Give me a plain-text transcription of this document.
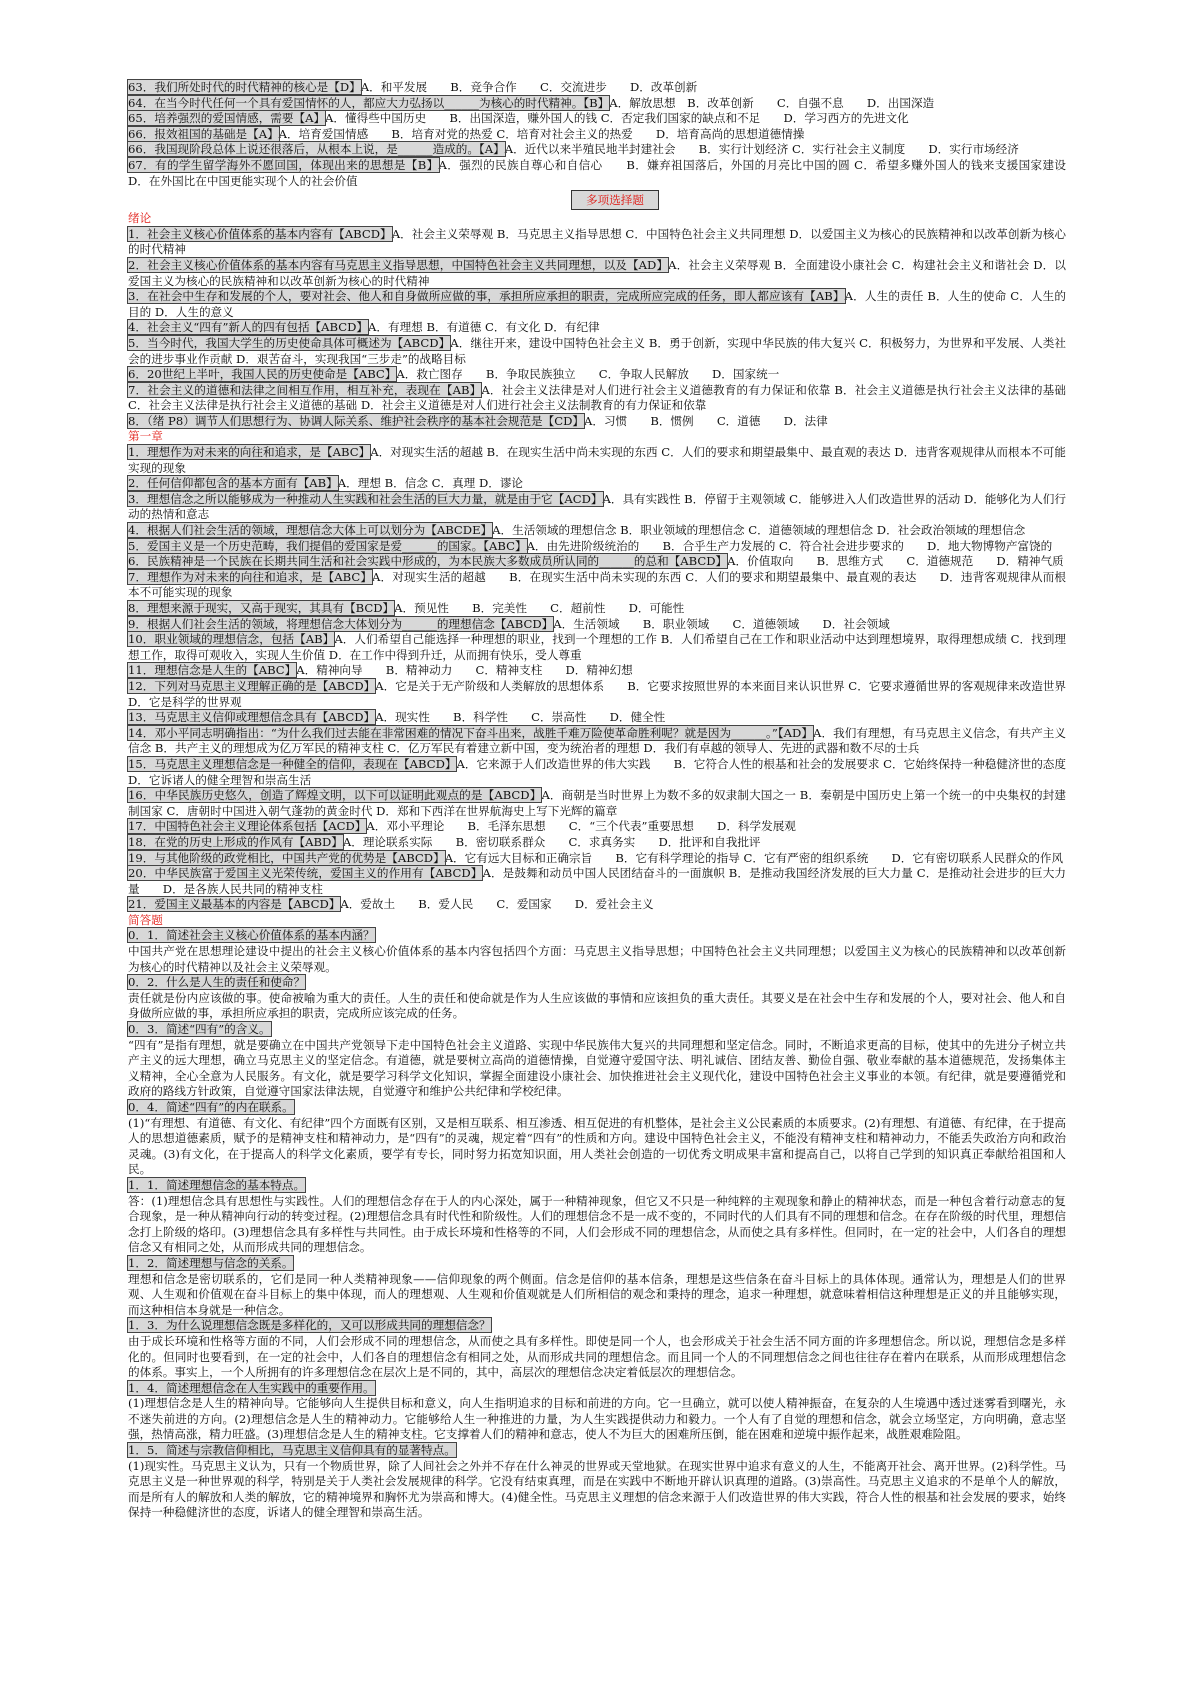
63．我们所处时代的时代精神的核心是【D】A．和平发展　　B．竞争合作　　C．交流进步　　D．改革创新

64．在当今时代任何一个具有爱国情怀的人，都应大力弘扬以______为核心的时代精神。【B】A．解放思想　B．改革创新　　C．自强不息　　D．出国深造

65．培养强烈的爱国情感，需要【A】A．懂得些中国历史　　B．出国深造，赚外国人的钱 C．否定我们国家的缺点和不足　　D．学习西方的先进文化

66．报效祖国的基础是【A】A．培育爱国情感　　B．培育对党的热爱 C．培育对社会主义的热爱　　D．培育高尚的思想道德情操

66．我国现阶段总体上说还很落后，从根本上说，是______造成的。【A】A．近代以来半殖民地半封建社会　　B．实行计划经济 C．实行社会主义制度　　D．实行市场经济

67．有的学生留学海外不愿回国，体现出来的思想是【B】A．强烈的民族自尊心和自信心　　B．嫌弃祖国落后，外国的月亮比中国的圆 C．希望多赚外国人的钱来支援国家建设　　D．在外国比在中国更能实现个人的社会价值

多项选择题

绪论

1．社会主义核心价值体系的基本内容有【ABCD】A．社会主义荣辱观 B．马克思主义指导思想 C．中国特色社会主义共同理想 D．以爱国主义为核心的民族精神和以改革创新为核心的时代精神

2．社会主义核心价值体系的基本内容有马克思主义指导思想，中国特色社会主义共同理想，以及【AD】A．社会主义荣辱观 B．全面建设小康社会 C．构建社会主义和谐社会 D．以爱国主义为核心的民族精神和以改革创新为核心的时代精神

3．在社会中生存和发展的个人，要对社会、他人和自身做所应做的事，承担所应承担的职责，完成所应完成的任务，即人都应该有【AB】A．人生的责任 B．人生的使命 C．人生的目的 D．人生的意义

4．社会主义“四有”新人的四有包括【ABCD】A．有理想 B．有道德 C．有文化 D．有纪律

5．当今时代，我国大学生的历史使命具体可概述为【ABCD】A．继往开来，建设中国特色社会主义 B．勇于创新，实现中华民族的伟大复兴 C．积极努力，为世界和平发展、人类社会的进步事业作贡献 D．艰苦奋斗，实现我国“三步走”的战略目标

6．20世纪上半叶，我国人民的历史使命是【ABC】A．救亡图存　　B．争取民族独立　　C．争取人民解放　　D．国家统一

7．社会主义的道德和法律之间相互作用，相互补充，表现在【AB】A．社会主义法律是对人们进行社会主义道德教育的有力保证和依靠 B．社会主义道德是执行社会主义法律的基础 C．社会主义法律是执行社会主义道德的基础 D．社会主义道德是对人们进行社会主义法制教育的有力保证和依靠

8．（绪 P8）调节人们思想行为、协调人际关系、维护社会秩序的基本社会规范是【CD】A．习惯　　B．惯例　　C．道德　　D．法律

第一章

1．理想作为对未来的向往和追求，是【ABC】A．对现实生活的超越 B．在现实生活中尚未实现的东西 C．人们的要求和期望最集中、最直观的表达 D．违背客观规律从而根本不可能实现的现象

2．任何信仰都包含的基本方面有【AB】A．理想 B．信念 C．真理 D．谬论

3．理想信念之所以能够成为一种推动人生实践和社会生活的巨大力量，就是由于它【ACD】A．具有实践性 B．停留于主观领域 C．能够进入人们改造世界的活动 D．能够化为人们行动的热情和意志

4．根据人们社会生活的领域，理想信念大体上可以划分为【ABCDE】A．生活领域的理想信念 B．职业领域的理想信念 C．道德领域的理想信念 D．社会政治领域的理想信念

5．爱国主义是一个历史范畴，我们提倡的爱国家是爱______的国家。【ABC】A．由先进阶级统治的　　B．合乎生产力发展的 C．符合社会进步要求的　　D．地大物博物产富饶的

6．民族精神是一个民族在长期共同生活和社会实践中形成的，为本民族大多数成员所认同的______的总和【ABCD】A．价值取向　　B．思维方式　　C．道德规范　　D．精神气质

7．理想作为对未来的向往和追求，是【ABC】A．对现实生活的超越　　B．在现实生活中尚未实现的东西 C．人们的要求和期望最集中、最直观的表达　　D．违背客观规律从而根本不可能实现的现象

8．理想来源于现实，又高于现实，其具有【BCD】A．预见性　　B．完美性　　C．超前性　　D．可能性

9．根据人们社会生活的领域，将理想信念大体划分为______的理想信念【ABCD】A．生活领域　　B．职业领域　　C．道德领域　　D．社会领域

10．职业领域的理想信念，包括【AB】A．人们希望自己能选择一种理想的职业，找到一个理想的工作 B．人们希望自己在工作和职业活动中达到理想境界，取得理想成绩 C．找到理想工作，取得可观收入，实现人生价值 D．在工作中得到升迁，从而拥有快乐，受人尊重

11．理想信念是人生的【ABC】A．精神向导　　B．精神动力　　C．精神支柱　　D．精神幻想

12．下列对马克思主义理解正确的是【ABCD】A．它是关于无产阶级和人类解放的思想体系　　B．它要求按照世界的本来面目来认识世界 C．它要求遵循世界的客观规律来改造世界 D．它是科学的世界观

13．马克思主义信仰或理想信念具有【ABCD】A．现实性　　B．科学性　　C．崇高性　　D．健全性

14．邓小平同志明确指出：“为什么我们过去能在非常困难的情况下奋斗出来，战胜千难万险使革命胜利呢？就是因为______。”【AD】A．我们有理想，有马克思主义信念，有共产主义信念 B．共产主义的理想成为亿万军民的精神支柱 C．亿万军民有着建立新中国，变为统治者的理想 D．我们有卓越的领导人、先进的武器和数不尽的士兵

15．马克思主义理想信念是一种健全的信仰，表现在【ABCD】A．它来源于人们改造世界的伟大实践　　B．它符合人性的根基和社会的发展要求 C．它始终保持一种稳健济世的态度　　D．它诉诸人的健全理智和崇高生活

16．中华民族历史悠久，创造了辉煌文明，以下可以证明此观点的是【ABCD】A．商朝是当时世界上为数不多的奴隶制大国之一 B．秦朝是中国历史上第一个统一的中央集权的封建制国家 C．唐朝时中国进入朝气蓬勃的黄金时代 D．郑和下西洋在世界航海史上写下光辉的篇章

17．中国特色社会主义理论体系包括【ACD】A．邓小平理论　　B．毛泽东思想　　C．“三个代表”重要思想　　D．科学发展观

18．在党的历史上形成的作风有【ABD】A．理论联系实际　　B．密切联系群众　　C．求真务实　　D．批评和自我批评

19．与其他阶级的政党相比，中国共产党的优势是【ABCD】A．它有远大目标和正确宗旨　　B．它有科学理论的指导 C．它有严密的组织系统　　D．它有密切联系人民群众的作风

20．中华民族富于爱国主义光荣传统，爱国主义的作用有【ABCD】A．是鼓舞和动员中国人民团结奋斗的一面旗帜 B．是推动我国经济发展的巨大力量 C．是推动社会进步的巨大力量　　D．是各族人民共同的精神支柱

21．爱国主义最基本的内容是【ABCD】A．爱故土　　B．爱人民　　C．爱国家　　D．爱社会主义

简答题

0．1．简述社会主义核心价值体系的基本内涵？

中国共产党在思想理论建设中提出的社会主义核心价值体系的基本内容包括四个方面：马克思主义指导思想；中国特色社会主义共同理想；以爱国主义为核心的民族精神和以改革创新为核心的时代精神以及社会主义荣辱观。

0．2．什么是人生的责任和使命？

责任就是份内应该做的事。使命被喻为重大的责任。人生的责任和使命就是作为人生应该做的事情和应该担负的重大责任。其要义是在社会中生存和发展的个人，要对社会、他人和自身做所应做的事，承担所应承担的职责，完成所应该完成的任务。

0．3．简述“四有”的含义。

“四有”是指有理想，就是要确立在中国共产党领导下走中国特色社会主义道路、实现中华民族伟大复兴的共同理想和坚定信念。同时，不断追求更高的目标，使其中的先进分子树立共产主义的远大理想，确立马克思主义的坚定信念。有道德，就是要树立高尚的道德情操，自觉遵守爱国守法、明礼诚信、团结友善、勤俭自强、敬业奉献的基本道德规范，发扬集体主义精神，全心全意为人民服务。有文化，就是要学习科学文化知识，掌握全面建设小康社会、加快推进社会主义现代化，建设中国特色社会主义事业的本领。有纪律，就是要遵循党和政府的路线方针政策，自觉遵守国家法律法规，自觉遵守和维护公共纪律和学校纪律。

0．4．简述“四有”的内在联系。

(1)“有理想、有道德、有文化、有纪律”四个方面既有区别，又是相互联系、相互渗透、相互促进的有机整体，是社会主义公民素质的本质要求。(2)有理想、有道德、有纪律，在于提高人的思想道德素质，赋予的是精神支柱和精神动力，是“四有”的灵魂，规定着“四有”的性质和方向。建设中国特色社会主义，不能没有精神支柱和精神动力，不能丢失政治方向和政治灵魂。(3)有文化，在于提高人的科学文化素质，要学有专长，同时努力拓宽知识面，用人类社会创造的一切优秀文明成果丰富和提高自己，以将自己学到的知识真正奉献给祖国和人民。

1．1．简述理想信念的基本特点。

答：(1)理想信念具有思想性与实践性。人们的理想信念存在于人的内心深处，属于一种精神现象，但它又不只是一种纯粹的主观现象和静止的精神状态，而是一种包含着行动意志的复合现象，是一种从精神向行动的转变过程。(2)理想信念具有时代性和阶级性。人们的理想信念不是一成不变的，不同时代的人们具有不同的理想和信念。在存在阶级的时代里，理想信念打上阶级的烙印。(3)理想信念具有多样性与共同性。由于成长环境和性格等的不同，人们会形成不同的理想信念，从而使之具有多样性。但同时，在一定的社会中，人们各自的理想信念又有相同之处，从而形成共同的理想信念。

1．2．简述理想与信念的关系。

理想和信念是密切联系的，它们是同一种人类精神现象——信仰现象的两个侧面。信念是信仰的基本信条，理想是这些信条在奋斗目标上的具体体现。通常认为，理想是人们的世界观、人生观和价值观在奋斗目标上的集中体现，而人的理想观、人生观和价值观就是人们所相信的观念和秉持的理念，追求一种理想，就意味着相信这种理想是正义的并且能够实现，而这种相信本身就是一种信念。

1．3．为什么说理想信念既是多样化的，又可以形成共同的理想信念？

由于成长环境和性格等方面的不同，人们会形成不同的理想信念，从而使之具有多样性。即使是同一个人，也会形成关于社会生活不同方面的许多理想信念。所以说，理想信念是多样化的。但同时也要看到，在一定的社会中，人们各自的理想信念有相同之处，从而形成共同的理想信念。而且同一个人的不同理想信念之间也往往存在着内在联系，从而形成理想信念的体系。事实上，一个人所拥有的许多理想信念在层次上是不同的，其中，高层次的理想信念决定着低层次的理想信念。

1．4．简述理想信念在人生实践中的重要作用。

(1)理想信念是人生的精神向导。它能够向人生提供目标和意义，向人生指明追求的目标和前进的方向。它一旦确立，就可以使人精神振奋，在复杂的人生境遇中透过迷雾看到曙光，永不迷失前进的方向。(2)理想信念是人生的精神动力。它能够给人生一种推进的力量，为人生实践提供动力和毅力。一个人有了自觉的理想和信念，就会立场坚定，方向明确，意志坚强，热情高涨，精力旺盛。(3)理想信念是人生的精神支柱。它支撑着人们的精神和意志，使人不为巨大的困难所压倒，能在困难和逆境中振作起来，战胜艰难险阻。

1．5．简述与宗教信仰相比，马克思主义信仰具有的显著特点。

(1)现实性。马克思主义认为，只有一个物质世界，除了人间社会之外并不存在什么神灵的世界或天堂地狱。在现实世界中追求有意义的人生，不能离开社会、离开世界。(2)科学性。马克思主义是一种世界观的科学，特别是关于人类社会发展规律的科学。它没有结束真理，而是在实践中不断地开辟认识真理的道路。(3)崇高性。马克思主义追求的不是单个人的解放，而是所有人的解放和人类的解放，它的精神境界和胸怀尤为崇高和博大。(4)健全性。马克思主义理想的信念来源于人们改造世界的伟大实践，符合人性的根基和社会发展的要求，始终保持一种稳健济世的态度，诉诸人的健全理智和崇高生活。
